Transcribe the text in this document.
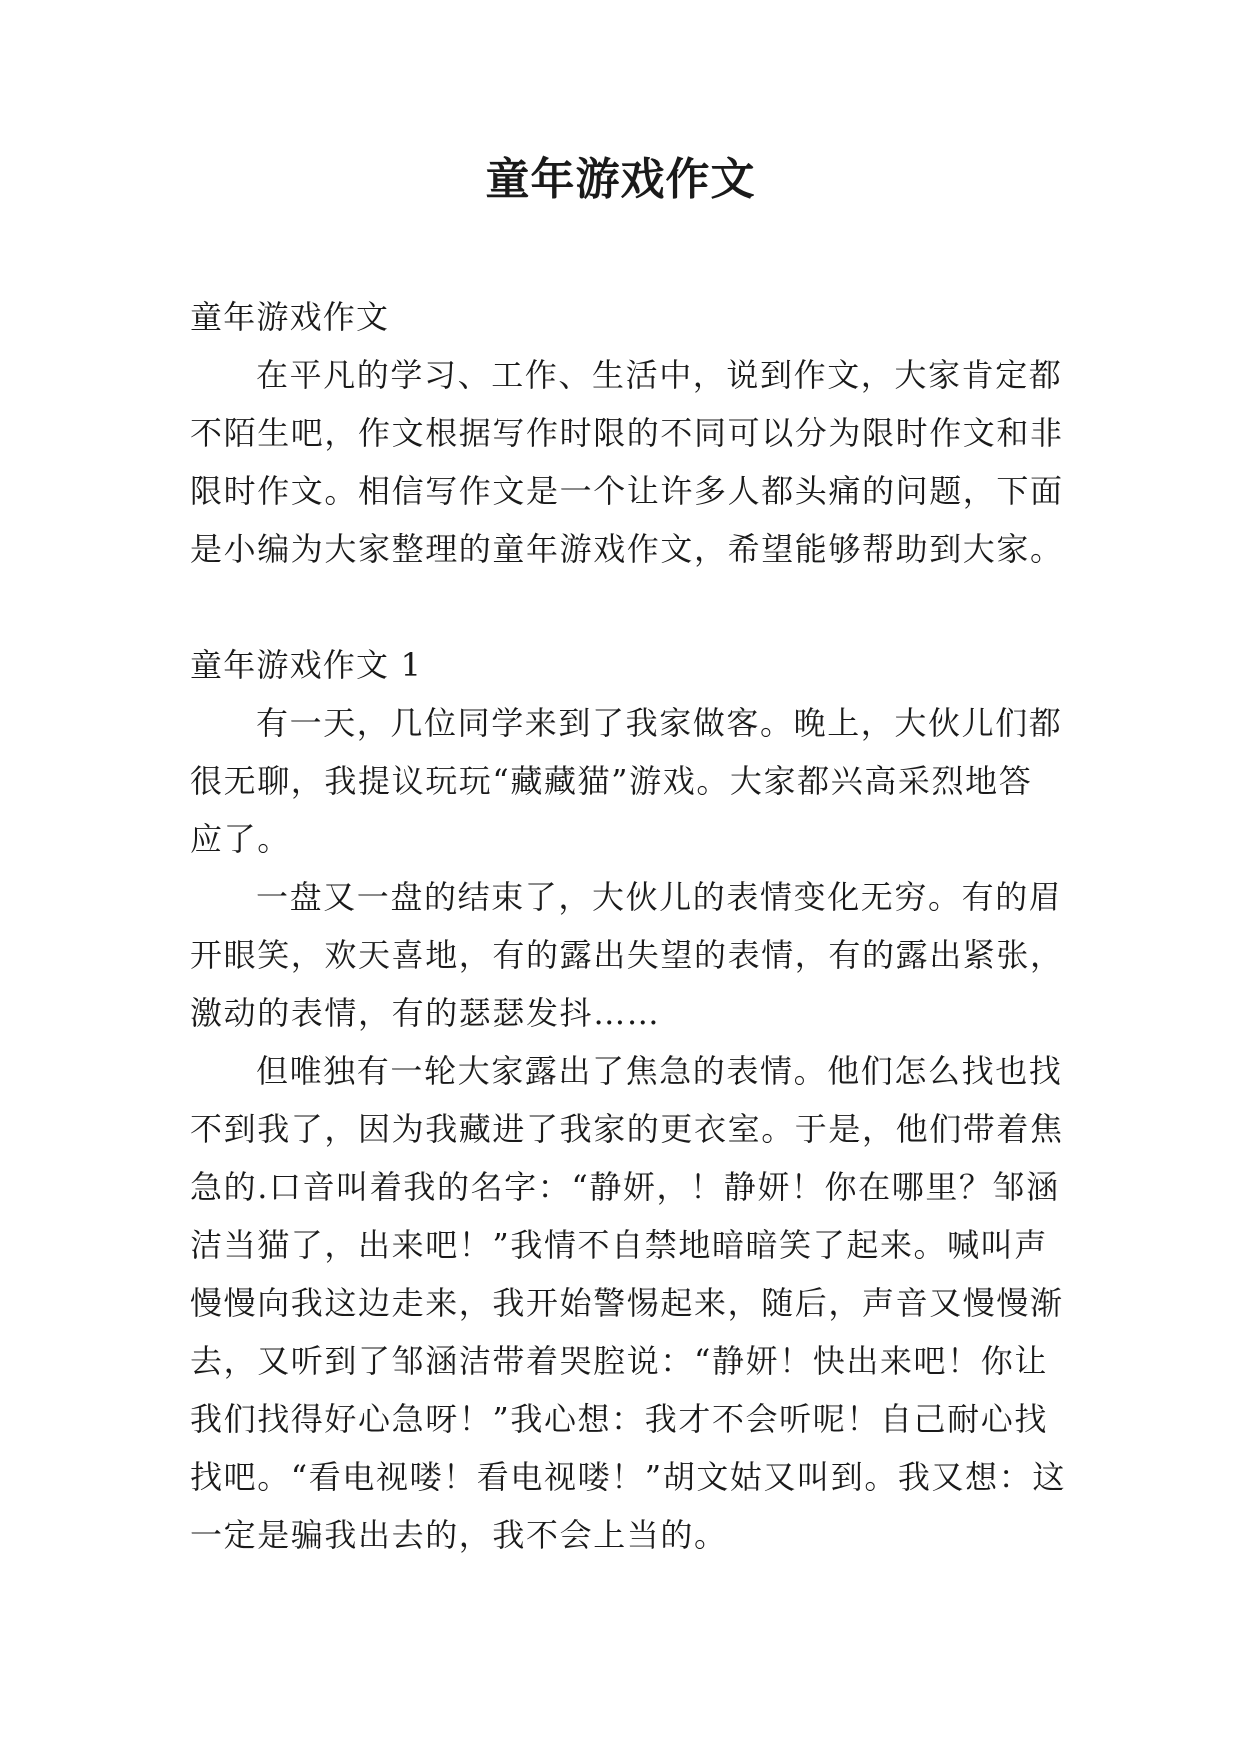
童年游戏作文
童年游戏作文
在平凡的学习、工作、生活中，说到作文，大家肯定都
不陌生吧，作文根据写作时限的不同可以分为限时作文和非
限时作文。相信写作文是一个让许多人都头痛的问题，下面
是小编为大家整理的童年游戏作文，希望能够帮助到大家。
童年游戏作文 1
有一天，几位同学来到了我家做客。晚上，大伙儿们都
很无聊，我提议玩玩“藏藏猫”游戏。大家都兴高采烈地答
应了。
一盘又一盘的结束了，大伙儿的表情变化无穷。有的眉
开眼笑，欢天喜地，有的露出失望的表情，有的露出紧张，
激动的表情，有的瑟瑟发抖……
但唯独有一轮大家露出了焦急的表情。他们怎么找也找
不到我了，因为我藏进了我家的更衣室。于是，他们带着焦
急的.口音叫着我的名字：“静妍，！静妍！你在哪里？邹涵
洁当猫了，出来吧！”我情不自禁地暗暗笑了起来。喊叫声
慢慢向我这边走来，我开始警惕起来，随后，声音又慢慢渐
去，又听到了邹涵洁带着哭腔说：“静妍！快出来吧！你让
我们找得好心急呀！”我心想：我才不会听呢！自己耐心找
找吧。“看电视喽！看电视喽！”胡文姑又叫到。我又想：这
一定是骗我出去的，我不会上当的。
